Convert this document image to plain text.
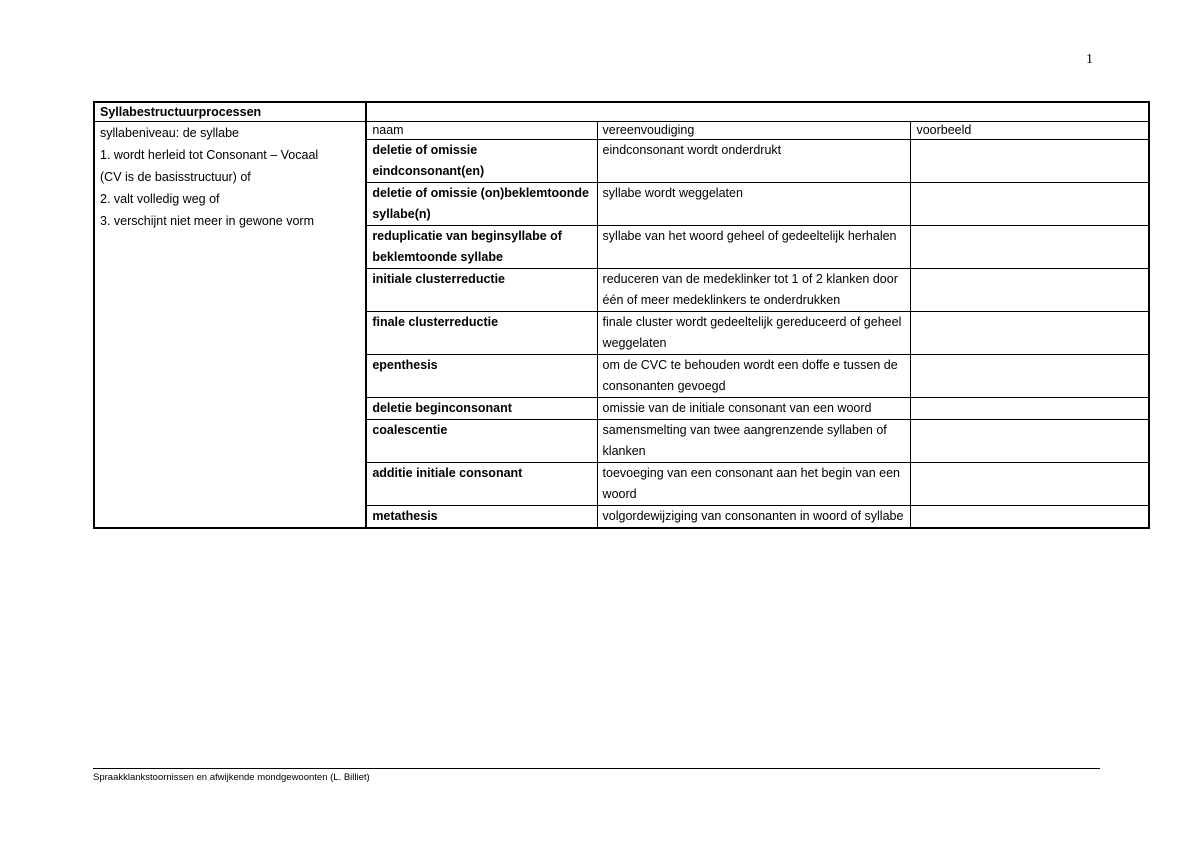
1
Syllabestructuurprocessen			

syllabeniveau: de syllabe
1. wordt herleid tot Consonant – Vocaal
(CV is de basisstructuur) of
2. valt volledig weg of
3. verschijnt niet meer in gewone vorm	naam	vereenvoudiging	voorbeeld
	deletie of omissie eindconsonant(en)	eindconsonant wordt onderdrukt	
	deletie of omissie (on)beklemtoonde syllabe(n)	syllabe wordt weggelaten	
	reduplicatie van beginsyllabe of beklemtoonde syllabe	syllabe van het woord geheel of gedeeltelijk herhalen	
	initiale clusterreductie	reduceren van de medeklinker tot 1 of 2 klanken door één of meer medeklinkers te onderdrukken	
	finale clusterreductie	finale cluster wordt gedeeltelijk gereduceerd of geheel weggelaten	
	epenthesis	om de CVC te behouden wordt een doffe e tussen de consonanten gevoegd	
	deletie beginconsonant	omissie van de initiale consonant van een woord	
	coalescentie	samensmelting van twee aangrenzende syllaben of klanken	
	additie initiale consonant	toevoeging van een consonant aan het begin van een woord	
	metathesis	volgordewijziging van consonanten in woord of syllabe	
Spraakklankstoornissen en afwijkende mondgewoonten (L. Billiet)
